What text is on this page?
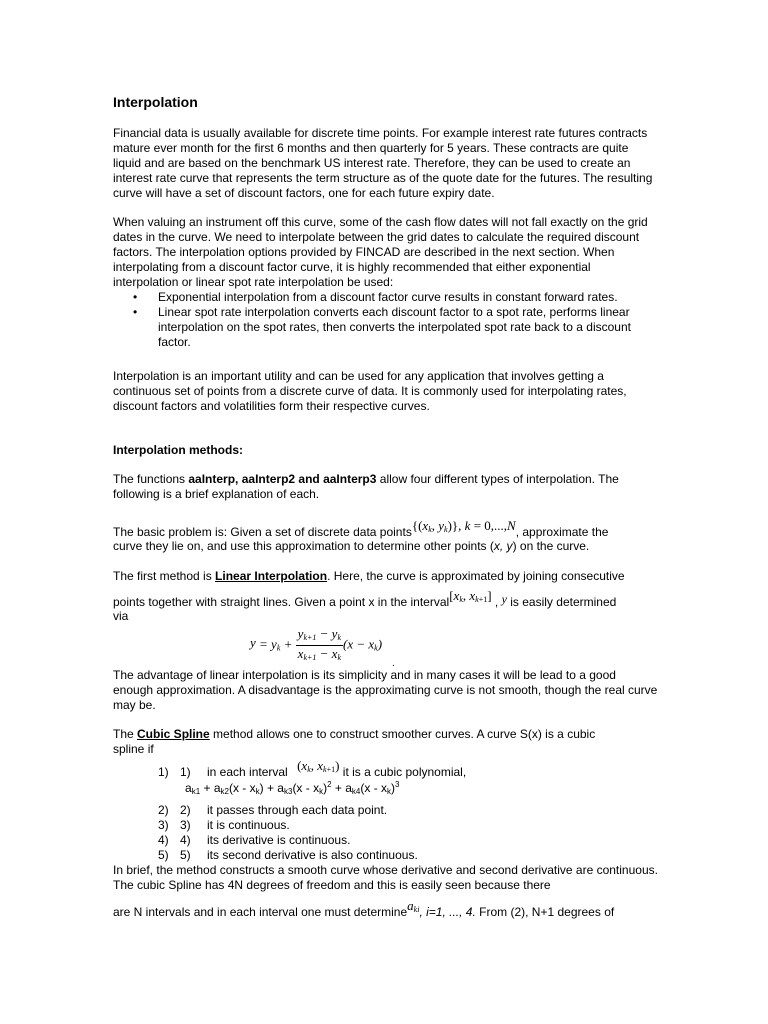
Interpolation

Financial data is usually available for discrete time points. For example interest rate futures contracts mature ever month for the first 6 months and then quarterly for 5 years. These contracts are quite liquid and are based on the benchmark US interest rate. Therefore, they can be used to create an interest rate curve that represents the term structure as of the quote date for the futures. The resulting curve will have a set of discount factors, one for each future expiry date.

When valuing an instrument off this curve, some of the cash flow dates will not fall exactly on the grid dates in the curve. We need to interpolate between the grid dates to calculate the required discount factors. The interpolation options provided by FINCAD are described in the next section. When interpolating from a discount factor curve, it is highly recommended that either exponential interpolation or linear spot rate interpolation be used:

• Exponential interpolation from a discount factor curve results in constant forward rates.
• Linear spot rate interpolation converts each discount factor to a spot rate, performs linear interpolation on the spot rates, then converts the interpolated spot rate back to a discount factor.

Interpolation is an important utility and can be used for any application that involves getting a continuous set of points from a discrete curve of data. It is commonly used for interpolating rates, discount factors and volatilities form their respective curves.

Interpolation methods:

The functions aaInterp, aaInterp2 and aaInterp3 allow four different types of interpolation. The following is a brief explanation of each.

The basic problem is: Given a set of discrete data $points\{(x_k$, $y_k$)}, k = 0,...,N, approximate the
curve they lie on, and use this approximation to determine other points (x, y) on the curve.
The first method is Linear Interpolation. Here, the curve is approximated by joining consecutive
points together with straight lines. Given a point x in the $interval[x_k$, $x_{k+1}$] , y is easily determined
via
$y = y_k + \frac{y_{k+1} - y_k}{x_{k+1} - x_k} (x - x_k)$
.

The advantage of linear interpolation is its simplicity and in many cases it will be lead to a good enough approximation. A disadvantage is the approximating curve is not smooth, though the real curve may be.

The Cubic Spline method allows one to construct smoother curves. A curve S(x) is a cubic
spline if
1) 1) in each interval ($x_k$, $x_{k+1}$) it is a cubic polynomial,
$a_{k1} + a_{k2}(x - x_k) + a_{k3}(x - x_k)^2 + a_{k4}(x - x_k)^3$
2) 2) it passes through each data point.
3) 3) it is continuous.
4) 4) its derivative is continuous.
5) 5) its second derivative is also continuous.

In brief, the method constructs a smooth curve whose derivative and second derivative are continuous. The cubic Spline has 4N degrees of freedom and this is easily seen because there

are N intervals and in each interval one must determinea$_{ki}$, i=1, ..., 4. From (2), N+1 degrees of
